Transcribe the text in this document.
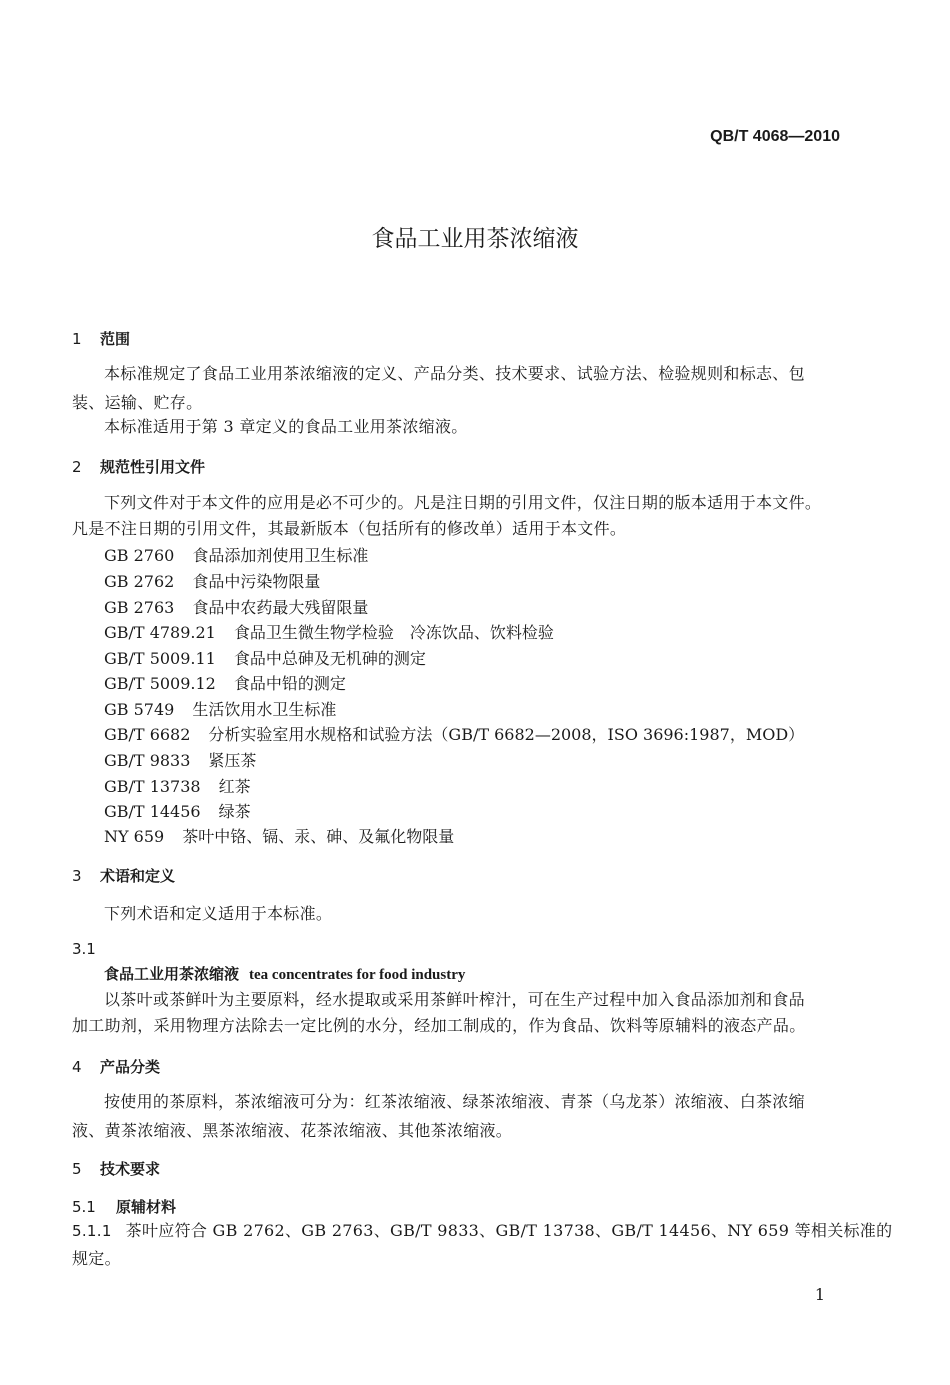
QB/T 4068—2010
食品工业用茶浓缩液
1 范围
本标准规定了食品工业用茶浓缩液的定义、产品分类、技术要求、试验方法、检验规则和标志、包
装、运输、贮存。
本标准适用于第 3 章定义的食品工业用茶浓缩液。
2 规范性引用文件
下列文件对于本文件的应用是必不可少的。凡是注日期的引用文件，仅注日期的版本适用于本文件。
凡是不注日期的引用文件，其最新版本（包括所有的修改单）适用于本文件。
GB 2760 食品添加剂使用卫生标准
GB 2762 食品中污染物限量
GB 2763 食品中农药最大残留限量
GB/T 4789.21 食品卫生微生物学检验　冷冻饮品、饮料检验
GB/T 5009.11 食品中总砷及无机砷的测定
GB/T 5009.12 食品中铅的测定
GB 5749 生活饮用水卫生标准
GB/T 6682 分析实验室用水规格和试验方法（GB/T 6682—2008，ISO 3696:1987，MOD）
GB/T 9833 紧压茶
GB/T 13738 红茶
GB/T 14456 绿茶
NY 659 茶叶中铬、镉、汞、砷、及氟化物限量
3 术语和定义
下列术语和定义适用于本标准。
3.1
食品工业用茶浓缩液 tea concentrates for food industry
以茶叶或茶鲜叶为主要原料，经水提取或采用茶鲜叶榨汁，可在生产过程中加入食品添加剂和食品
加工助剂，采用物理方法除去一定比例的水分，经加工制成的，作为食品、饮料等原辅料的液态产品。
4 产品分类
按使用的茶原料，茶浓缩液可分为：红茶浓缩液、绿茶浓缩液、青茶（乌龙茶）浓缩液、白茶浓缩
液、黄茶浓缩液、黑茶浓缩液、花茶浓缩液、其他茶浓缩液。
5 技术要求
5.1 原辅材料
5.1.1 茶叶应符合 GB 2762、GB 2763、GB/T 9833、GB/T 13738、GB/T 14456、NY 659 等相关标准的
规定。
1
